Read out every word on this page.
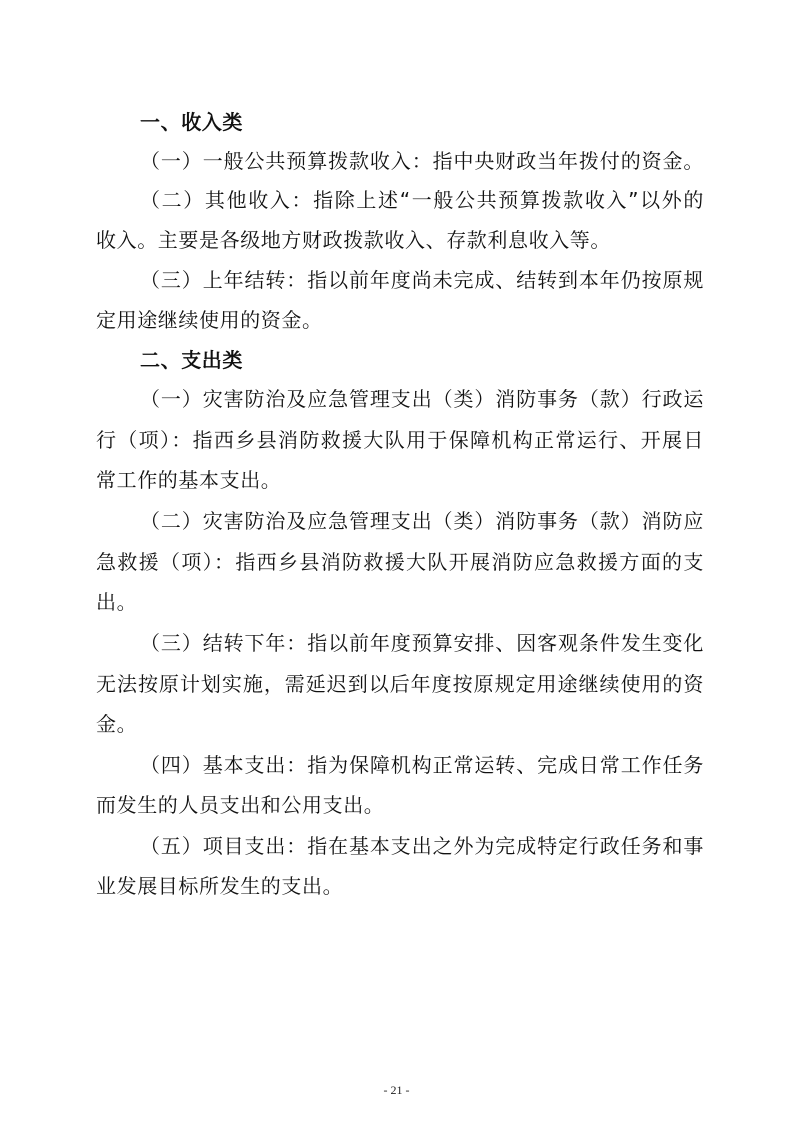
一、收入类
（一）一般公共预算拨款收入：指中央财政当年拨付的资金。
（二）其他收入：指除上述“一般公共预算拨款收入”以外的
收入。主要是各级地方财政拨款收入、存款利息收入等。
（三）上年结转：指以前年度尚未完成、结转到本年仍按原规
定用途继续使用的资金。
二、支出类
（一）灾害防治及应急管理支出（类）消防事务（款）行政运
行（项）：指西乡县消防救援大队用于保障机构正常运行、开展日
常工作的基本支出。
（二）灾害防治及应急管理支出（类）消防事务（款）消防应
急救援（项）：指西乡县消防救援大队开展消防应急救援方面的支
出。
（三）结转下年：指以前年度预算安排、因客观条件发生变化
无法按原计划实施，需延迟到以后年度按原规定用途继续使用的资
金。
（四）基本支出：指为保障机构正常运转、完成日常工作任务
而发生的人员支出和公用支出。
（五）项目支出：指在基本支出之外为完成特定行政任务和事
业发展目标所发生的支出。
- 21 -
